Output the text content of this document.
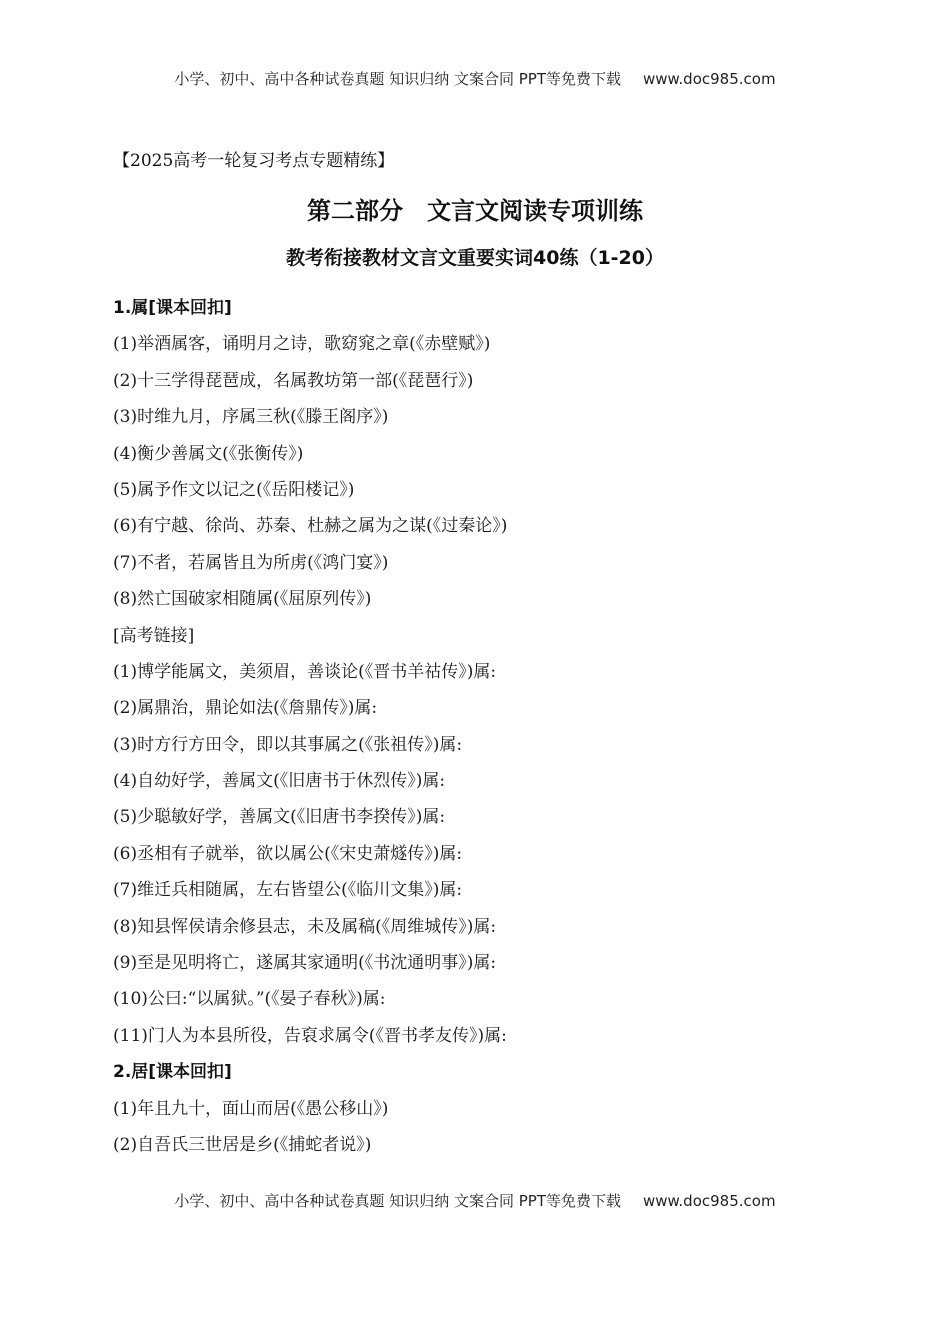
小学、初中、高中各种试卷真题 知识归纳 文案合同 PPT等免费下载 www.doc985.com
【2025高考一轮复习考点专题精练】
第二部分　文言文阅读专项训练
教考衔接教材文言文重要实词40练（1-20）
1.属[课本回扣]
(1)举酒属客，诵明月之诗，歌窈窕之章(《赤壁赋》)
(2)十三学得琵琶成，名属教坊第一部(《琵琶行》)
(3)时维九月，序属三秋(《滕王阁序》)
(4)衡少善属文(《张衡传》)
(5)属予作文以记之(《岳阳楼记》)
(6)有宁越、徐尚、苏秦、杜赫之属为之谋(《过秦论》)
(7)不者，若属皆且为所虏(《鸿门宴》)
(8)然亡国破家相随属(《屈原列传》)
[高考链接]
(1)博学能属文，美须眉，善谈论(《晋书羊祜传》)属:
(2)属鼎治，鼎论如法(《詹鼎传》)属:
(3)时方行方田令，即以其事属之(《张祖传》)属:
(4)自幼好学，善属文(《旧唐书于休烈传》)属:
(5)少聪敏好学，善属文(《旧唐书李揆传》)属:
(6)丞相有子就举，欲以属公(《宋史萧燧传》)属:
(7)维迁兵相随属，左右皆望公(《临川文集》)属:
(8)知县恽侯请余修县志，未及属稿(《周维城传》)属:
(9)至是见明将亡，遂属其家通明(《书沈通明事》)属:
(10)公曰:“以属狱。”(《晏子春秋》)属:
(11)门人为本县所役，告裒求属令(《晋书孝友传》)属:
2.居[课本回扣]
(1)年且九十，面山而居(《愚公移山》)
(2)自吾氏三世居是乡(《捕蛇者说》)
小学、初中、高中各种试卷真题 知识归纳 文案合同 PPT等免费下载 www.doc985.com
